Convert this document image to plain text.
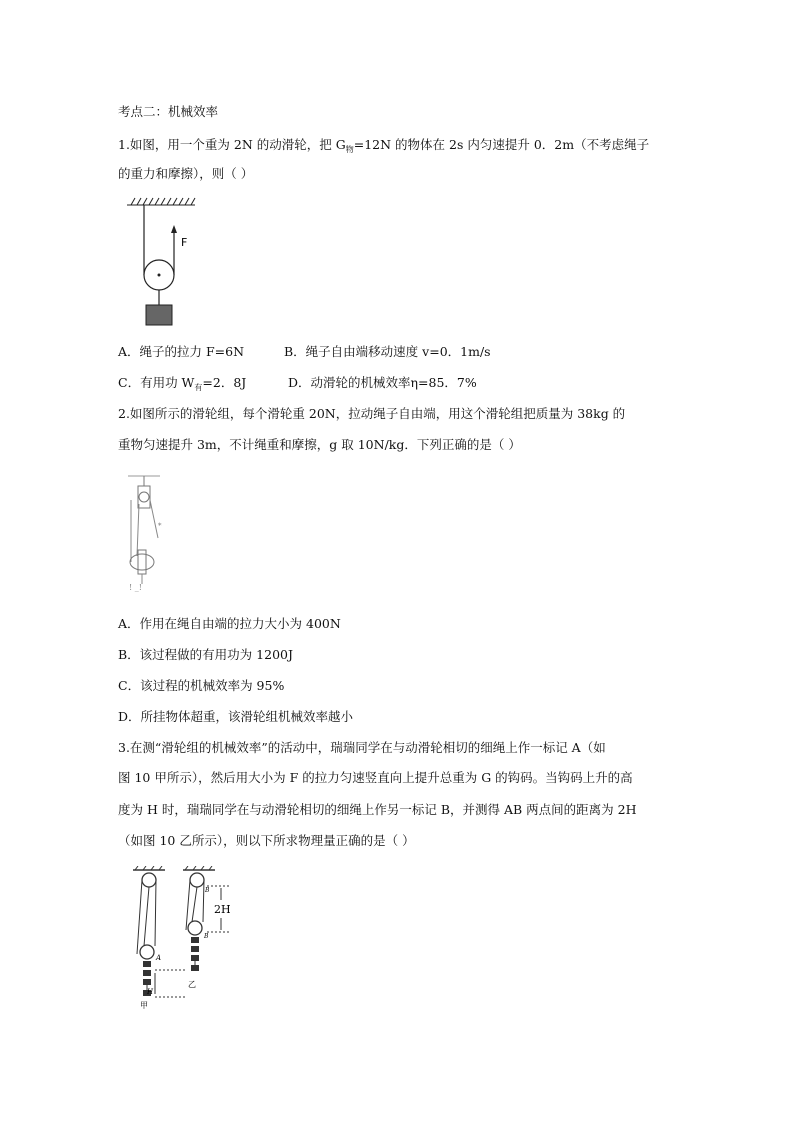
考点二：机械效率
1.如图，用一个重为 2N 的动滑轮，把 $G_物=12N$ 的物体在 2s 内匀速提升 0．2m（不考虑绳子
的重力和摩擦），则（ ）
F
A．绳子的拉力 F=6N	B．绳子自由端移动速度 v=0．1m/s
C．有用功 $W_有=2$．8J	D．动滑轮的机械效率η=85．7%
2.如图所示的滑轮组，每个滑轮重 20N，拉动绳子自由端，用这个滑轮组把质量为 38kg 的
重物匀速提升 3m，不计绳重和摩擦，g 取 10N/kg．下列正确的是（ ）
*
! _!
A．作用在绳自由端的拉力大小为 400N
B．该过程做的有用功为 1200J
C．该过程的机械效率为 95%
D．所挂物体超重，该滑轮组机械效率越小
3.在测“滑轮组的机械效率”的活动中，瑞瑞同学在与动滑轮相切的细绳上作一标记 A（如
图 10 甲所示），然后用大小为 F 的拉力匀速竖直向上提升总重为 G 的钩码。当钩码上升的高
度为 H 时，瑞瑞同学在与动滑轮相切的细绳上作另一标记 B，并测得 AB 两点间的距离为 2H
（如图 10 乙所示），则以下所求物理量正确的是（ ）
A
H
甲
B
B
2H
乙
